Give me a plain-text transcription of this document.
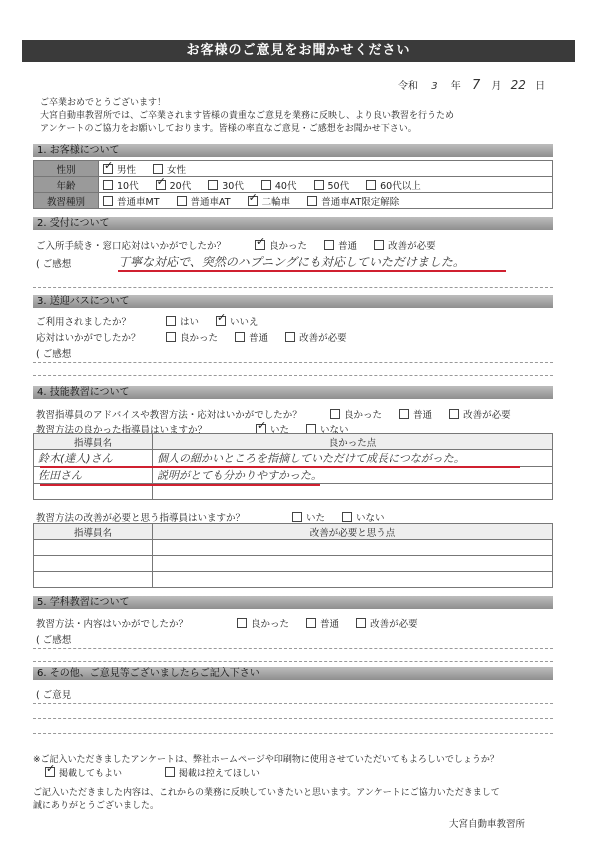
お客様のご意見をお聞かせください
令和 3 年 7 月 22 日
ご卒業おめでとうございます！
大宮自動車教習所では、ご卒業されます皆様の貴重なご意見を業務に反映し、より良い教習を行うため
アンケートのご協力をお願いしております。皆様の率直なご意見・ご感想をお聞かせ下さい。
1. お客様について
性別	✓男性 女性
年齢	10代 ✓ 20代 30代 40代 50代 60代以上
教習種別	普通車MT 普通車AT ✓ 二輪車 普通車AT限定解除
2. 受付について
ご入所手続き・窓口応対はいかがでしたか？ ✓	良かった	普通	改善が必要
( ご感想	丁寧な対応で、突然のハプニングにも対応していただけました。
3. 送迎バスについて
ご利用されましたか？	はい ✓	いいえ
応対はいかがでしたか？	良かった	普通	改善が必要
( ご感想
4. 技能教習について
教習指導員のアドバイスや教習方法・応対はいかがでしたか？	良かった	普通	改善が必要
教習方法の良かった指導員はいますか？ ✓	いた	いない
指導員名	良かった点
鈴木(達人)さん	個人の細かいところを指摘していただけて成長につながった。
佐田さん	説明がとても分かりやすかった。

教習方法の改善が必要と思う指導員はいますか？	いた	いない
指導員名	改善が必要と思う点

5. 学科教習について
教習方法・内容はいかがでしたか？	良かった	普通	改善が必要
( ご感想
6. その他、ご意見等ございましたらご記入下さい
( ご意見
※ご記入いただきましたアンケートは、弊社ホームページや印刷物に使用させていただいてもよろしいでしょうか？
✓掲載してもよい	掲載は控えてほしい
ご記入いただきました内容は、これからの業務に反映していきたいと思います。アンケートにご協力いただきまして
誠にありがとうございました。
大宮自動車教習所
